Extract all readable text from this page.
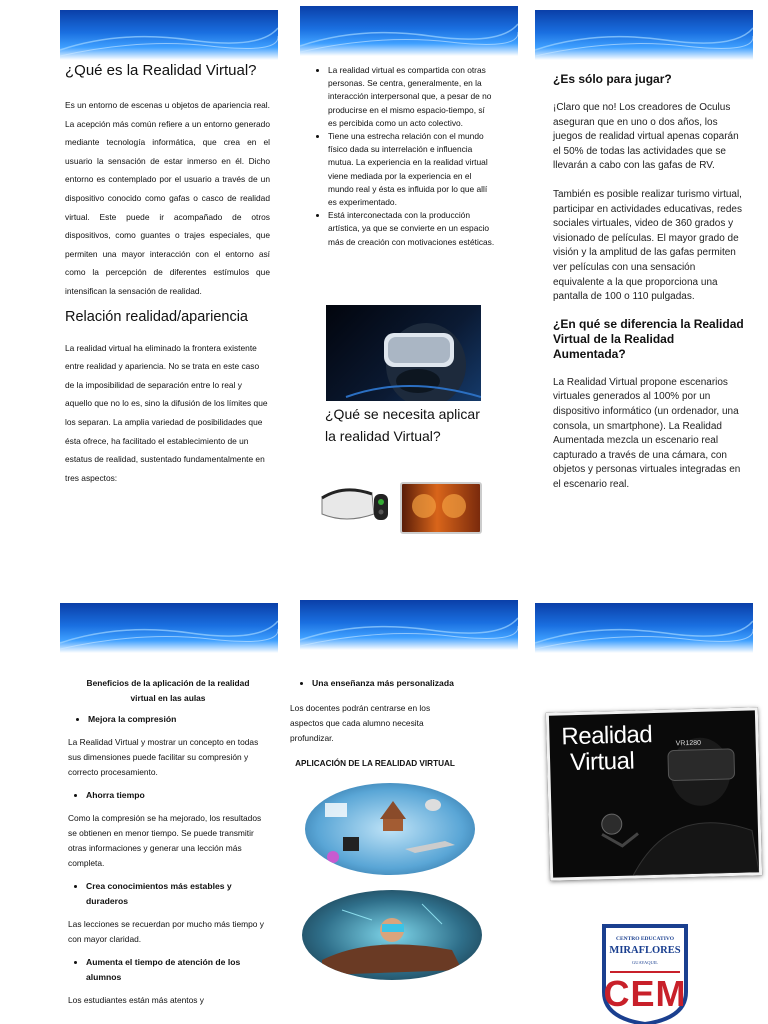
¿Qué es la Realidad Virtual?

Es un entorno de escenas u objetos de apariencia real. La acepción más común refiere a un entorno generado mediante tecnología informática, que crea en el usuario la sensación de estar inmerso en él. Dicho entorno es contemplado por el usuario a través de un dispositivo conocido como gafas o casco de realidad virtual. Este puede ir acompañado de otros dispositivos, como guantes o trajes especiales, que permiten una mayor interacción con el entorno así como la percepción de diferentes estímulos que intensifican la sensación de realidad.

Relación realidad/apariencia

La realidad virtual ha eliminado la frontera existente entre realidad y apariencia. No se trata en este caso de la imposibilidad de separación entre lo real y aquello que no lo es, sino la difusión de los límites que los separan. La amplia variedad de posibilidades que ésta ofrece, ha facilitado el establecimiento de un estatus de realidad, sustentado fundamentalmente en tres aspectos:

• La realidad virtual es compartida con otras personas. Se centra, generalmente, en la interacción interpersonal que, a pesar de no producirse en el mismo espacio-tiempo, sí es percibida como un acto colectivo.
• Tiene una estrecha relación con el mundo físico dada su interrelación e influencia mutua. La experiencia en la realidad virtual viene mediada por la experiencia en el mundo real y ésta es influida por lo que allí es experimentado.
• Está interconectada con la producción artística, ya que se convierte en un espacio más de creación con motivaciones estéticas.
¿Qué se necesita aplicar la realidad Virtual?

¿Es sólo para jugar?

¡Claro que no! Los creadores de Oculus aseguran que en uno o dos años, los juegos de realidad virtual apenas coparán el 50% de todas las actividades que se llevarán a cabo con las gafas de RV.

También es posible realizar turismo virtual, participar en actividades educativas, redes sociales virtuales, video de 360 grados y visionado de películas. El mayor grado de visión y la amplitud de las gafas permiten ver películas con una sensación equivalente a la que proporciona una pantalla de 100 o 110 pulgadas.

¿En qué se diferencia la Realidad Virtual de la Realidad Aumentada?

La Realidad Virtual propone escenarios virtuales generados al 100% por un dispositivo informático (un ordenador, una consola, un smartphone). La Realidad Aumentada mezcla un escenario real capturado a través de una cámara, con objetos y personas virtuales integradas en el escenario real.

Beneficios de la aplicación de la realidad virtual en las aulas
• Mejora la compresión

La Realidad Virtual y mostrar un concepto en todas sus dimensiones puede facilitar su compresión y correcto procesamiento.

• Ahorra tiempo

Como la compresión se ha mejorado, los resultados se obtienen en menor tiempo. Se puede transmitir otras informaciones y generar una lección más completa.

• Crea conocimientos más estables y duraderos

Las lecciones se recuerdan por mucho más tiempo y con mayor claridad.

• Aumenta el tiempo de atención de los alumnos

Los estudiantes están más atentos y

• Una enseñanza más personalizada

Los docentes podrán centrarse en los aspectos que cada alumno necesita profundizar.

APLICACIÓN DE LA REALIDAD VIRTUAL

Realidad
Virtual
VR1280
CENTRO EDUCATIVO
MIRAFLORES
GUAYAQUIL
CEM
